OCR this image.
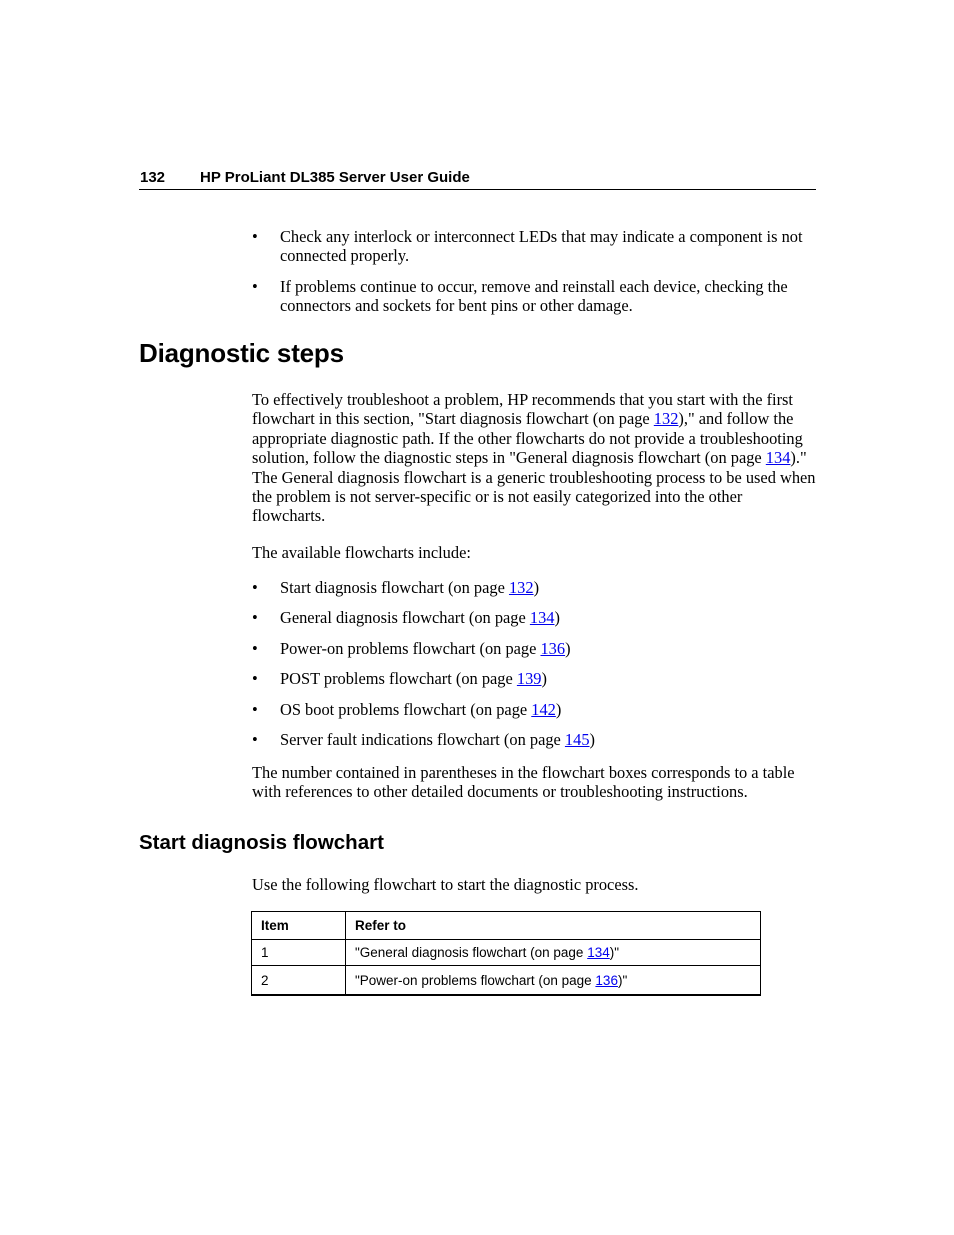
132 HP ProLiant DL385 Server User Guide
• Check any interlock or interconnect LEDs that may indicate a component is not connected properly.
• If problems continue to occur, remove and reinstall each device, checking the connectors and sockets for bent pins or other damage.
Diagnostic steps

To effectively troubleshoot a problem, HP recommends that you start with the first flowchart in this section, "Start diagnosis flowchart (on page 132)," and follow the appropriate diagnostic path. If the other flowcharts do not provide a troubleshooting solution, follow the diagnostic steps in "General diagnosis flowchart (on page 134)." The General diagnosis flowchart is a generic troubleshooting process to be used when the problem is not server-specific or is not easily categorized into the other flowcharts.

The available flowcharts include:

• Start diagnosis flowchart (on page 132)
• General diagnosis flowchart (on page 134)
• Power-on problems flowchart (on page 136)
• POST problems flowchart (on page 139)
• OS boot problems flowchart (on page 142)
• Server fault indications flowchart (on page 145)

The number contained in parentheses in the flowchart boxes corresponds to a table with references to other detailed documents or troubleshooting instructions.

Start diagnosis flowchart

Use the following flowchart to start the diagnostic process.

Item	Refer to
1	"General diagnosis flowchart (on page 134)"
2	"Power-on problems flowchart (on page 136)"
